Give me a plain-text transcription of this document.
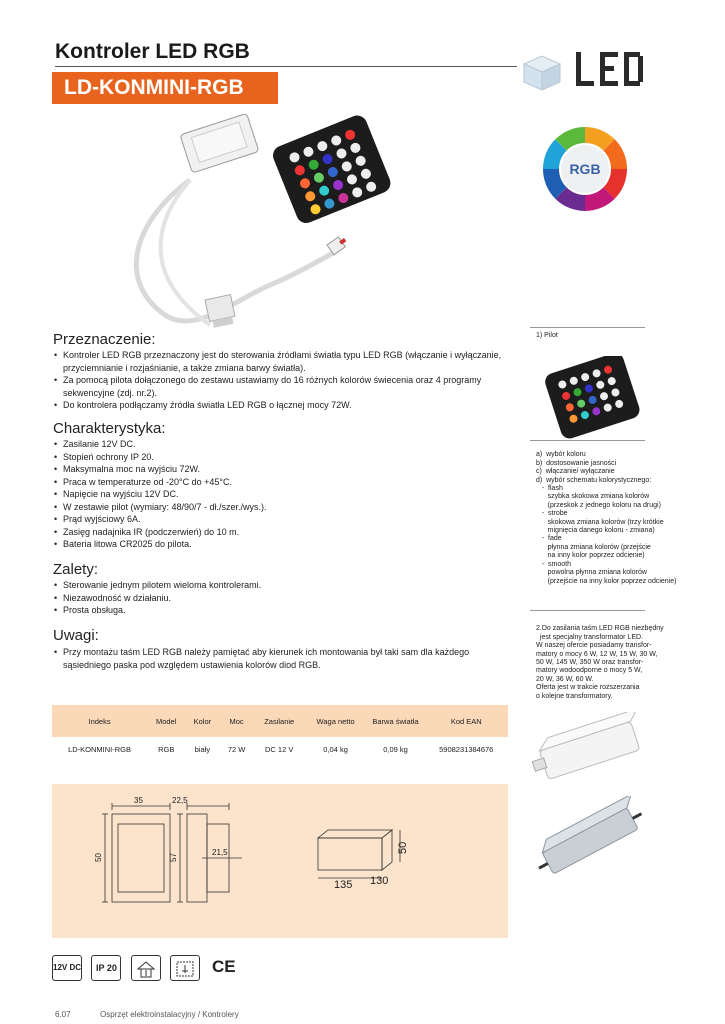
Kontroler LED RGB
LD-KONMINI-RGB
RGB
Przeznaczenie:
• Kontroler LED RGB przeznaczony jest do sterowania źródłami światła typu LED RGB (włączanie i wyłączanie, przyciemnianie i rozjaśnianie, a także zmiana barwy światła).
• Za pomocą pilota dołączonego do zestawu ustawiamy do 16 różnych kolorów świecenia oraz 4 programy sekwencyjne (zdj. nr.2).
• Do kontrolera podłączamy źródła światła LED RGB o łącznej mocy 72W.
Charakterystyka:
• Zasilanie 12V DC.
• Stopień ochrony IP 20.
• Maksymalna moc na wyjściu 72W.
• Praca w temperaturze od -20°C do +45°C.
• Napięcie na wyjściu 12V DC.
• W zestawie pilot (wymiary: 48/90/7 - dł./szer./wys.).
• Prąd wyjściowy 6A.
• Zasięg nadajnika IR (podczerwień) do 10 m.
• Bateria litowa CR2025 do pilota.
Zalety:
• Sterowanie jednym pilotem wieloma kontrolerami.
• Niezawodność w działaniu.
• Prosta obsługa.
Uwagi:
• Przy montażu taśm LED RGB należy pamiętać aby kierunek ich montowania był taki sam dla każdego sąsiedniego paska pod względem ustawienia kolorów diod RGB.
1) Pilot

a)  wybór koloru
b)  dostosowanie jasności
c)  włączanie/ wyłączanie
d)  wybór schematu kolorystycznego:
-  flash
szybka skokowa zmiana kolorów
(przeskok z jednego koloru na drugi)
-  strobe
skokowa zmiana kolorów (trzy krótkie
mignięcia danego koloru - zmiana)
-  fade
płynna zmiana kolorów (przejście
na inny kolor poprzez odcienie)
-  smooth
powolna płynna zmiana kolorów
(przejście na inny kolor poprzez odcienie)

2.Do zasilania taśm LED RGB niezbędny
jest specjalny transformator LED.
W naszej ofercie posiadamy transfor-
matory o mocy 6 W, 12 W, 15 W, 30 W,
50 W, 145 W, 350 W oraz transfor-
matory wodoodporne o mocy 5 W,
20 W, 36 W, 60 W.
Oferta jest w trakcie rozszerzania
o kolejne transformatory.

Indeks	Model	Kolor	Moc	Zasilanie	Waga netto	Barwa światła	Kod EAN
LD-KONMINI-RGB	RGB	biały	72 W	DC 12 V	0,04 kg	0,09 kg	5908231384676
35	22,5
50	57
21,5	50
135 130
12V DC IP 20	CE
6.07	Osprzęt elektroinstalacyjny / Kontrolery
